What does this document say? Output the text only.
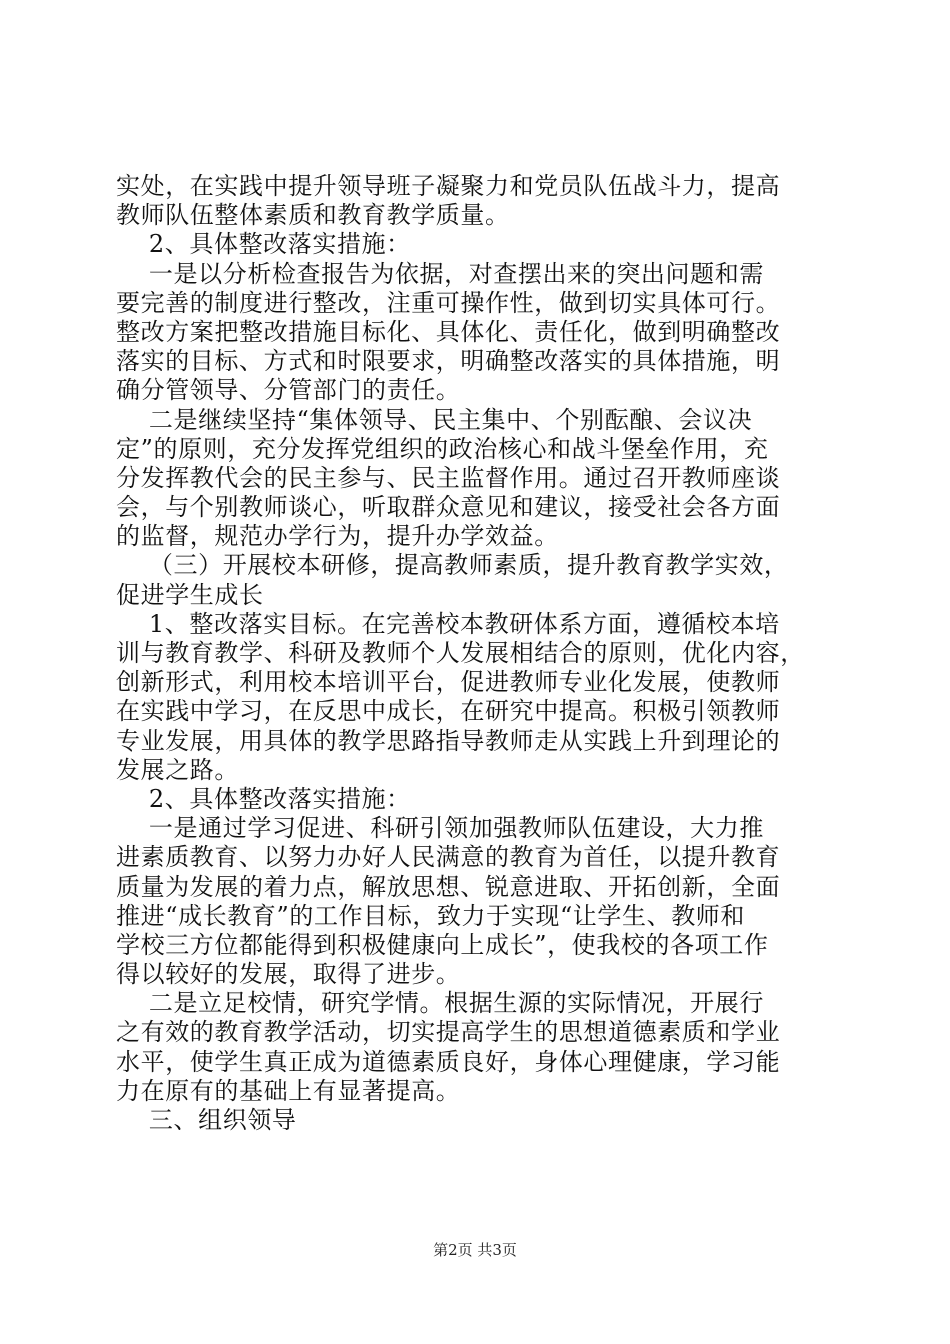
实处，在实践中提升领导班子凝聚力和党员队伍战斗力，提高
教师队伍整体素质和教育教学质量。
2、具体整改落实措施：
一是以分析检查报告为依据，对查摆出来的突出问题和需
要完善的制度进行整改，注重可操作性，做到切实具体可行。
整改方案把整改措施目标化、具体化、责任化，做到明确整改
落实的目标、方式和时限要求，明确整改落实的具体措施，明
确分管领导、分管部门的责任。
二是继续坚持“集体领导、民主集中、个别酝酿、会议决
定”的原则，充分发挥党组织的政治核心和战斗堡垒作用，充
分发挥教代会的民主参与、民主监督作用。通过召开教师座谈
会，与个别教师谈心，听取群众意见和建议，接受社会各方面
的监督，规范办学行为，提升办学效益。
（三）开展校本研修，提高教师素质，提升教育教学实效，
促进学生成长
1、整改落实目标。在完善校本教研体系方面，遵循校本培
训与教育教学、科研及教师个人发展相结合的原则，优化内容，
创新形式，利用校本培训平台，促进教师专业化发展，使教师
在实践中学习，在反思中成长，在研究中提高。积极引领教师
专业发展，用具体的教学思路指导教师走从实践上升到理论的
发展之路。
2、具体整改落实措施：
一是通过学习促进、科研引领加强教师队伍建设，大力推
进素质教育、以努力办好人民满意的教育为首任，以提升教育
质量为发展的着力点，解放思想、锐意进取、开拓创新，全面
推进“成长教育”的工作目标，致力于实现“让学生、教师和
学校三方位都能得到积极健康向上成长”，使我校的各项工作
得以较好的发展，取得了进步。
二是立足校情，研究学情。根据生源的实际情况，开展行
之有效的教育教学活动，切实提高学生的思想道德素质和学业
水平，使学生真正成为道德素质良好，身体心理健康，学习能
力在原有的基础上有显著提高。
三、组织领导
第2页 共3页
